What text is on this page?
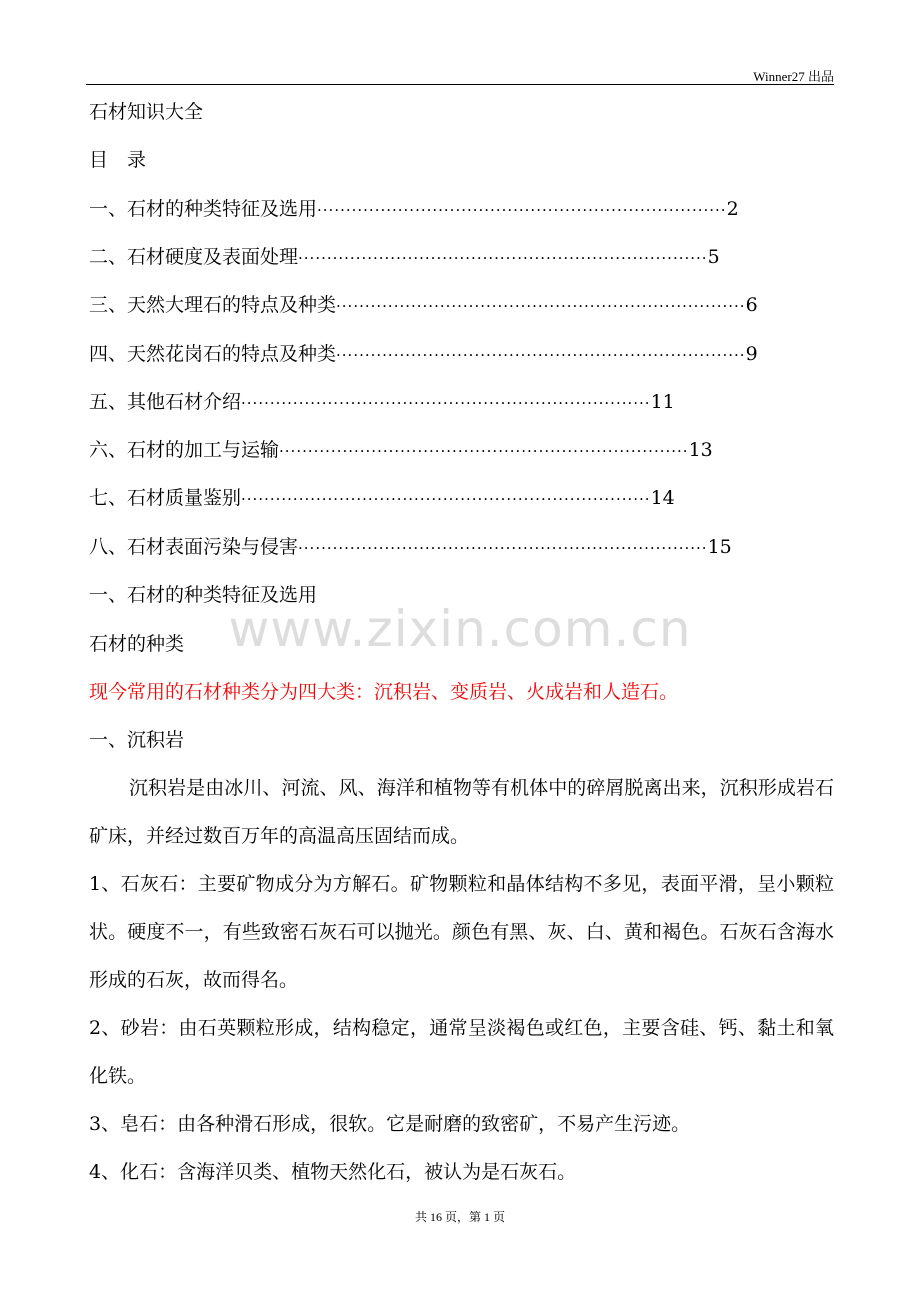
Winner27 出品
石材知识大全
目　录
一、石材的种类特征及选用 ······································································· 2
二、石材硬度及表面处理 ······································································· 5
三、天然大理石的特点及种类 ······································································· 6
四、天然花岗石的特点及种类 ······································································· 9
五、其他石材介绍 ······································································· 11
六、石材的加工与运输 ······································································· 13
七、石材质量鉴别 ······································································· 14
八、石材表面污染与侵害 ······································································· 15
一、石材的种类特征及选用
石材的种类
现今常用的石材种类分为四大类：沉积岩、变质岩、火成岩和人造石。
一、沉积岩
沉积岩是由冰川、河流、风、海洋和植物等有机体中的碎屑脱离出来，沉积形成岩石矿床，并经过数百万年的高温高压固结而成。
1、石灰石：主要矿物成分为方解石。矿物颗粒和晶体结构不多见，表面平滑，呈小颗粒状。硬度不一，有些致密石灰石可以抛光。颜色有黑、灰、白、黄和褐色。石灰石含海水形成的石灰，故而得名。
2、砂岩：由石英颗粒形成，结构稳定，通常呈淡褐色或红色，主要含硅、钙、黏土和氧化铁。
3、皂石：由各种滑石形成，很软。它是耐磨的致密矿，不易产生污迹。
4、化石：含海洋贝类、植物天然化石，被认为是石灰石。
www.zixin.com.cn
共 16 页，第 1 页
